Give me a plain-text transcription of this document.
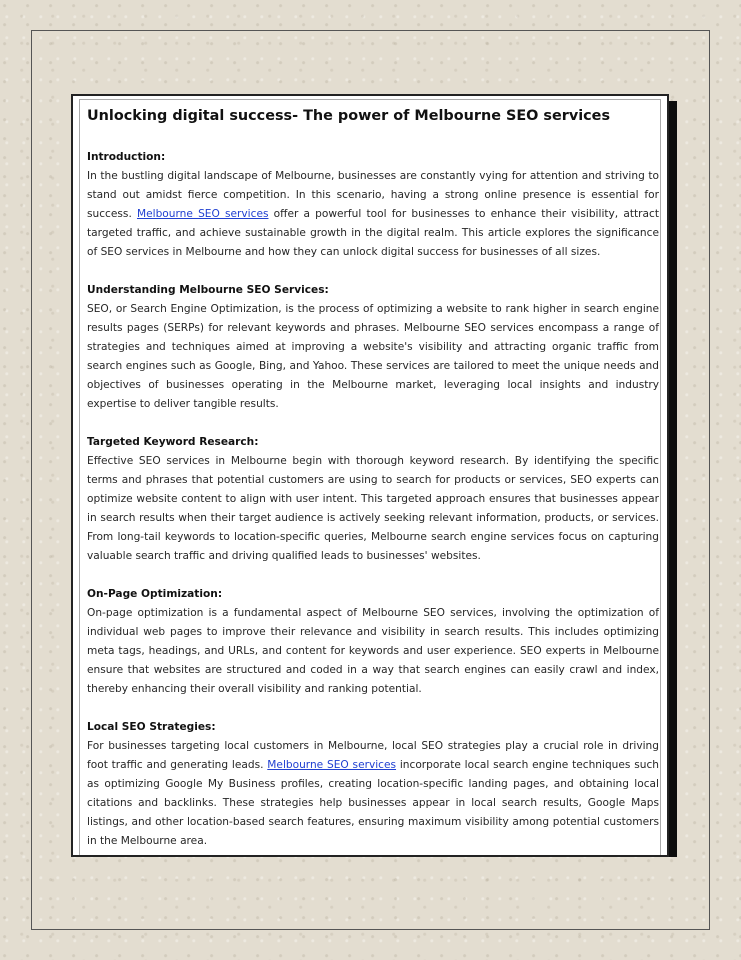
Unlocking digital success- The power of Melbourne SEO services
Introduction:

In the bustling digital landscape of Melbourne, businesses are constantly vying for attention and striving to stand out amidst fierce competition. In this scenario, having a strong online presence is essential for success. Melbourne SEO services offer a powerful tool for businesses to enhance their visibility, attract targeted traffic, and achieve sustainable growth in the digital realm. This article explores the significance of SEO services in Melbourne and how they can unlock digital success for businesses of all sizes.

Understanding Melbourne SEO Services:

SEO, or Search Engine Optimization, is the process of optimizing a website to rank higher in search engine results pages (SERPs) for relevant keywords and phrases. Melbourne SEO services encompass a range of strategies and techniques aimed at improving a website's visibility and attracting organic traffic from search engines such as Google, Bing, and Yahoo. These services are tailored to meet the unique needs and objectives of businesses operating in the Melbourne market, leveraging local insights and industry expertise to deliver tangible results.

Targeted Keyword Research:

Effective SEO services in Melbourne begin with thorough keyword research. By identifying the specific terms and phrases that potential customers are using to search for products or services, SEO experts can optimize website content to align with user intent. This targeted approach ensures that businesses appear in search results when their target audience is actively seeking relevant information, products, or services. From long-tail keywords to location-specific queries, Melbourne search engine services focus on capturing valuable search traffic and driving qualified leads to businesses' websites.

On-Page Optimization:

On-page optimization is a fundamental aspect of Melbourne SEO services, involving the optimization of individual web pages to improve their relevance and visibility in search results. This includes optimizing meta tags, headings, and URLs, and content for keywords and user experience. SEO experts in Melbourne ensure that websites are structured and coded in a way that search engines can easily crawl and index, thereby enhancing their overall visibility and ranking potential.

Local SEO Strategies:

For businesses targeting local customers in Melbourne, local SEO strategies play a crucial role in driving foot traffic and generating leads. Melbourne SEO services incorporate local search engine techniques such as optimizing Google My Business profiles, creating location-specific landing pages, and obtaining local citations and backlinks. These strategies help businesses appear in local search results, Google Maps listings, and other location-based search features, ensuring maximum visibility among potential customers in the Melbourne area.
